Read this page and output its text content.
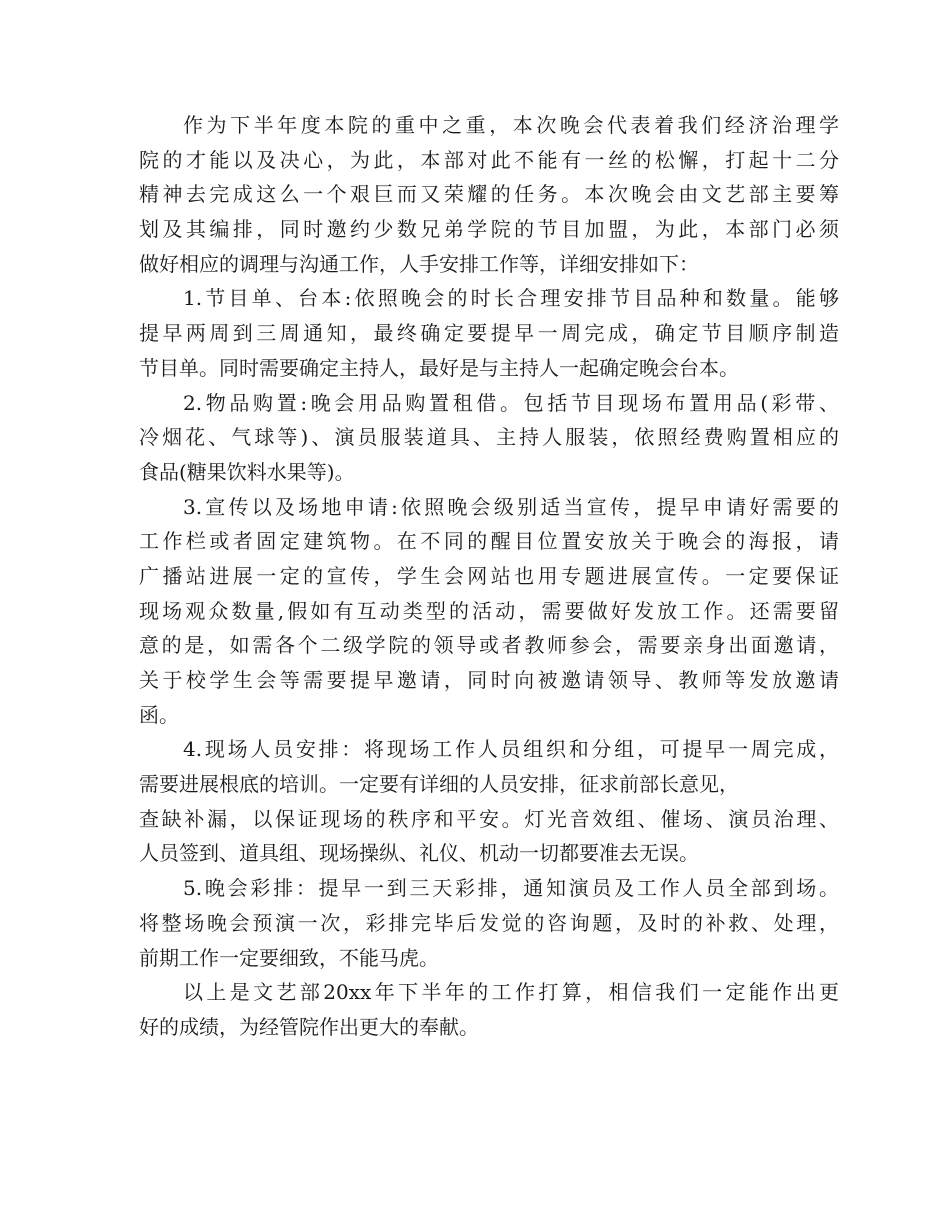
作为下半年度本院的重中之重，本次晚会代表着我们经济治理学
院的才能以及决心，为此，本部对此不能有一丝的松懈，打起十二分
精神去完成这么一个艰巨而又荣耀的任务。本次晚会由文艺部主要筹
划及其编排，同时邀约少数兄弟学院的节目加盟，为此，本部门必须
做好相应的调理与沟通工作，人手安排工作等，详细安排如下：
1.节目单、台本:依照晚会的时长合理安排节目品种和数量。能够
提早两周到三周通知，最终确定要提早一周完成，确定节目顺序制造
节目单。同时需要确定主持人，最好是与主持人一起确定晚会台本。
2.物品购置:晚会用品购置租借。包括节目现场布置用品(彩带、
冷烟花、气球等)、演员服装道具、主持人服装，依照经费购置相应的
食品(糖果饮料水果等)。
3.宣传以及场地申请:依照晚会级别适当宣传，提早申请好需要的
工作栏或者固定建筑物。在不同的醒目位置安放关于晚会的海报，请
广播站进展一定的宣传，学生会网站也用专题进展宣传。一定要保证
现场观众数量,假如有互动类型的活动，需要做好发放工作。还需要留
意的是，如需各个二级学院的领导或者教师参会，需要亲身出面邀请，
关于校学生会等需要提早邀请，同时向被邀请领导、教师等发放邀请
函。
4.现场人员安排：将现场工作人员组织和分组，可提早一周完成，
需要进展根底的培训。一定要有详细的人员安排，征求前部长意见，
查缺补漏，以保证现场的秩序和平安。灯光音效组、催场、演员治理、
人员签到、道具组、现场操纵、礼仪、机动一切都要准去无误。
5.晚会彩排：提早一到三天彩排，通知演员及工作人员全部到场。
将整场晚会预演一次，彩排完毕后发觉的咨询题，及时的补救、处理，
前期工作一定要细致，不能马虎。
以上是文艺部20xx年下半年的工作打算，相信我们一定能作出更
好的成绩，为经管院作出更大的奉献。
